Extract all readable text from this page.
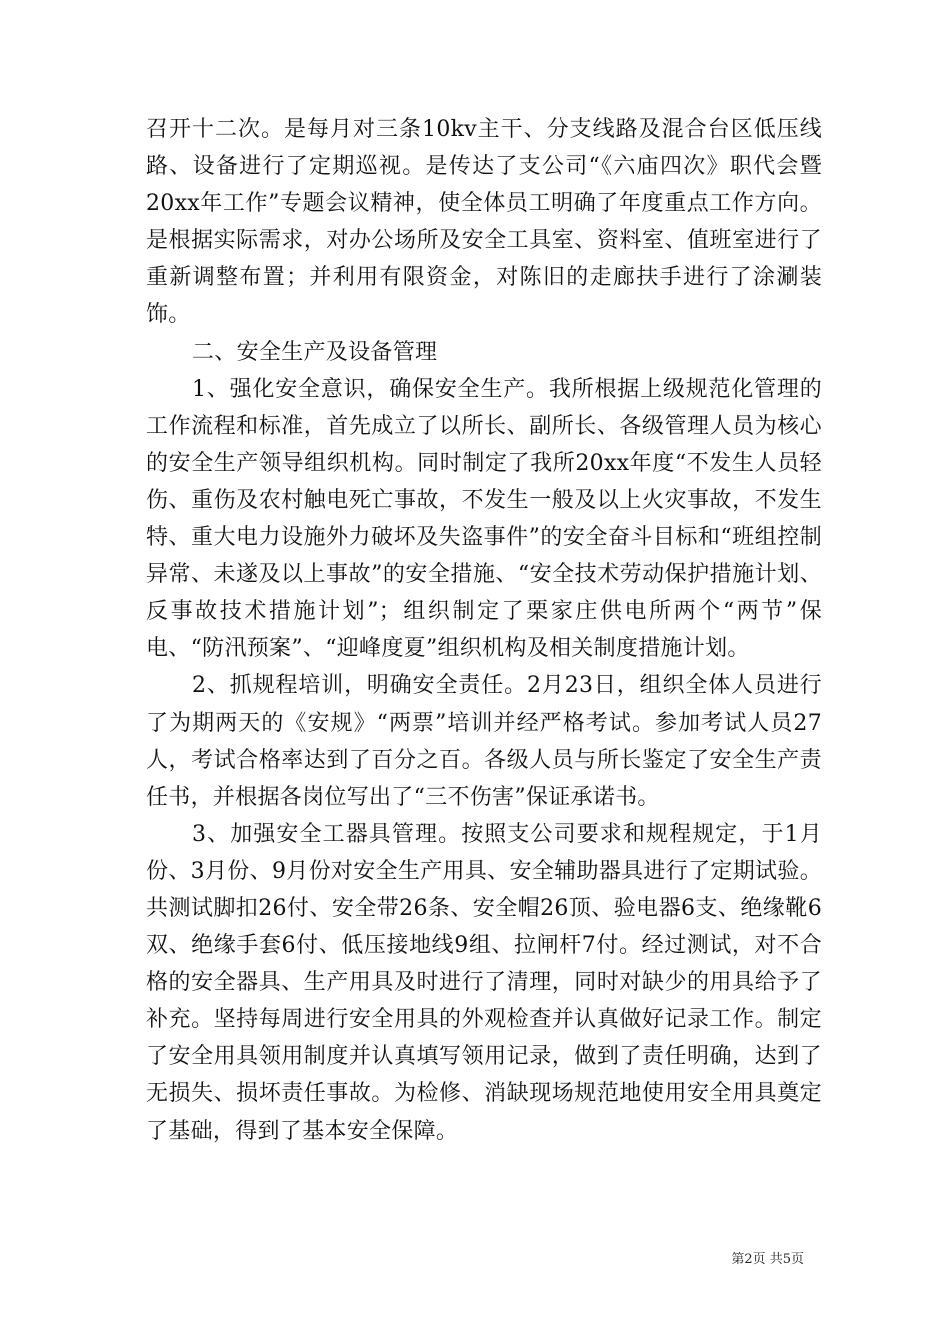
召开十二次。是每月对三条10kv主干、分支线路及混合台区低压线路、设备进行了定期巡视。是传达了支公司“《六庙四次》职代会暨20xx年工作”专题会议精神，使全体员工明确了年度重点工作方向。是根据实际需求，对办公场所及安全工具室、资料室、值班室进行了重新调整布置；并利用有限资金，对陈旧的走廊扶手进行了涂涮装饰。

二、安全生产及设备管理

1、强化安全意识，确保安全生产。我所根据上级规范化管理的工作流程和标准，首先成立了以所长、副所长、各级管理人员为核心的安全生产领导组织机构。同时制定了我所20xx年度“不发生人员轻伤、重伤及农村触电死亡事故，不发生一般及以上火灾事故，不发生特、重大电力设施外力破坏及失盗事件”的安全奋斗目标和“班组控制异常、未遂及以上事故”的安全措施、“安全技术劳动保护措施计划、反事故技术措施计划”；组织制定了栗家庄供电所两个“两节”保电、“防汛预案”、“迎峰度夏”组织机构及相关制度措施计划。

2、抓规程培训，明确安全责任。2月23日，组织全体人员进行了为期两天的《安规》“两票”培训并经严格考试。参加考试人员27人，考试合格率达到了百分之百。各级人员与所长鉴定了安全生产责任书，并根据各岗位写出了“三不伤害”保证承诺书。

3、加强安全工器具管理。按照支公司要求和规程规定，于1月份、3月份、9月份对安全生产用具、安全辅助器具进行了定期试验。共测试脚扣26付、安全带26条、安全帽26顶、验电器6支、绝缘靴6双、绝缘手套6付、低压接地线9组、拉闸杆7付。经过测试，对不合格的安全器具、生产用具及时进行了清理，同时对缺少的用具给予了补充。坚持每周进行安全用具的外观检查并认真做好记录工作。制定了安全用具领用制度并认真填写领用记录，做到了责任明确，达到了无损失、损坏责任事故。为检修、消缺现场规范地使用安全用具奠定了基础，得到了基本安全保障。

第2页 共5页
